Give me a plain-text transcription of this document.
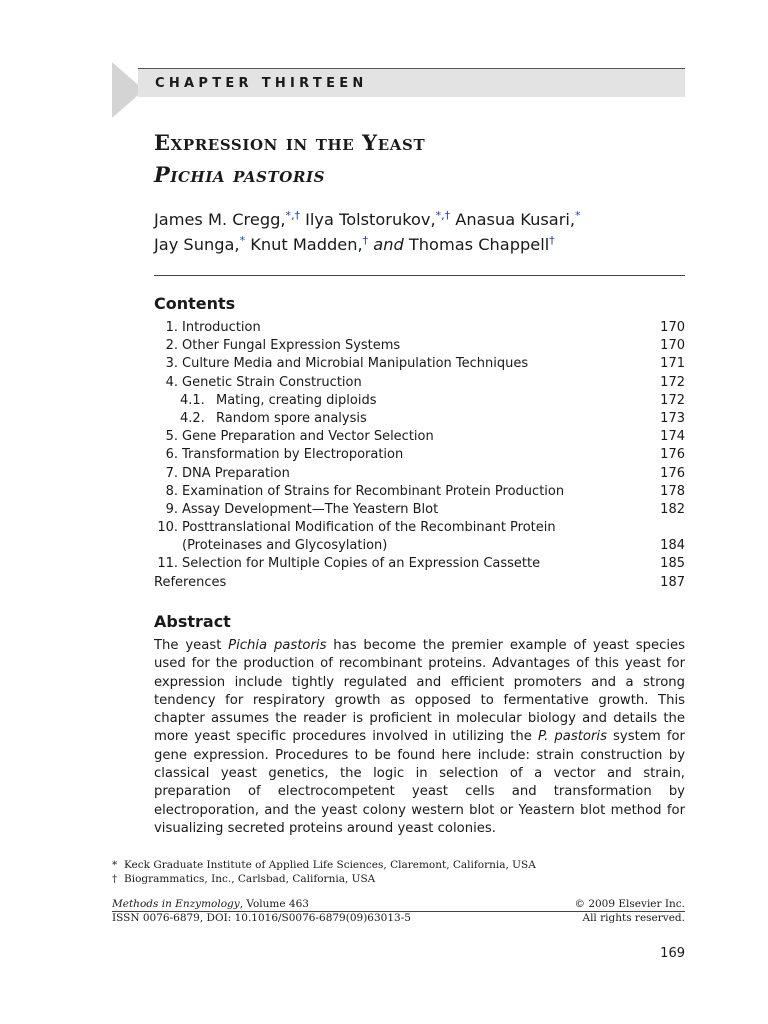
CHAPTER THIRTEEN
Expression in the Yeast
Pichia pastoris
James M. Cregg,*,† Ilya Tolstorukov,*,† Anasua Kusari,*
Jay Sunga,* Knut Madden,† and Thomas Chappell†
Contents
1. Introduction	170
2. Other Fungal Expression Systems	170
3. Culture Media and Microbial Manipulation Techniques	171
4. Genetic Strain Construction	172
4.1. Mating, creating diploids	172
4.2. Random spore analysis	173
5. Gene Preparation and Vector Selection	174
6. Transformation by Electroporation	176
7. DNA Preparation	176
8. Examination of Strains for Recombinant Protein Production	178
9. Assay Development—The Yeastern Blot	182
10. Posttranslational Modification of the Recombinant Protein
(Proteinases and Glycosylation)	184
11. Selection for Multiple Copies of an Expression Cassette	185
References	187
Abstract
The yeast Pichia pastoris has become the premier example of yeast species used for the production of recombinant proteins. Advantages of this yeast for expression include tightly regulated and efficient promoters and a strong tendency for respiratory growth as opposed to fermentative growth. This chapter assumes the reader is proficient in molecular biology and details the more yeast specific procedures involved in utilizing the P. pastoris system for gene expression. Procedures to be found here include: strain construction by classical yeast genetics, the logic in selection of a vector and strain, preparation of electrocompetent yeast cells and transformation by electroporation, and the yeast colony western blot or Yeastern blot method for visualizing secreted proteins around yeast colonies.
* Keck Graduate Institute of Applied Life Sciences, Claremont, California, USA
† Biogrammatics, Inc., Carlsbad, California, USA
Methods in Enzymology, Volume 463
ISSN 0076-6879, DOI: 10.1016/S0076-6879(09)63013-5
© 2009 Elsevier Inc.
All rights reserved.
169
